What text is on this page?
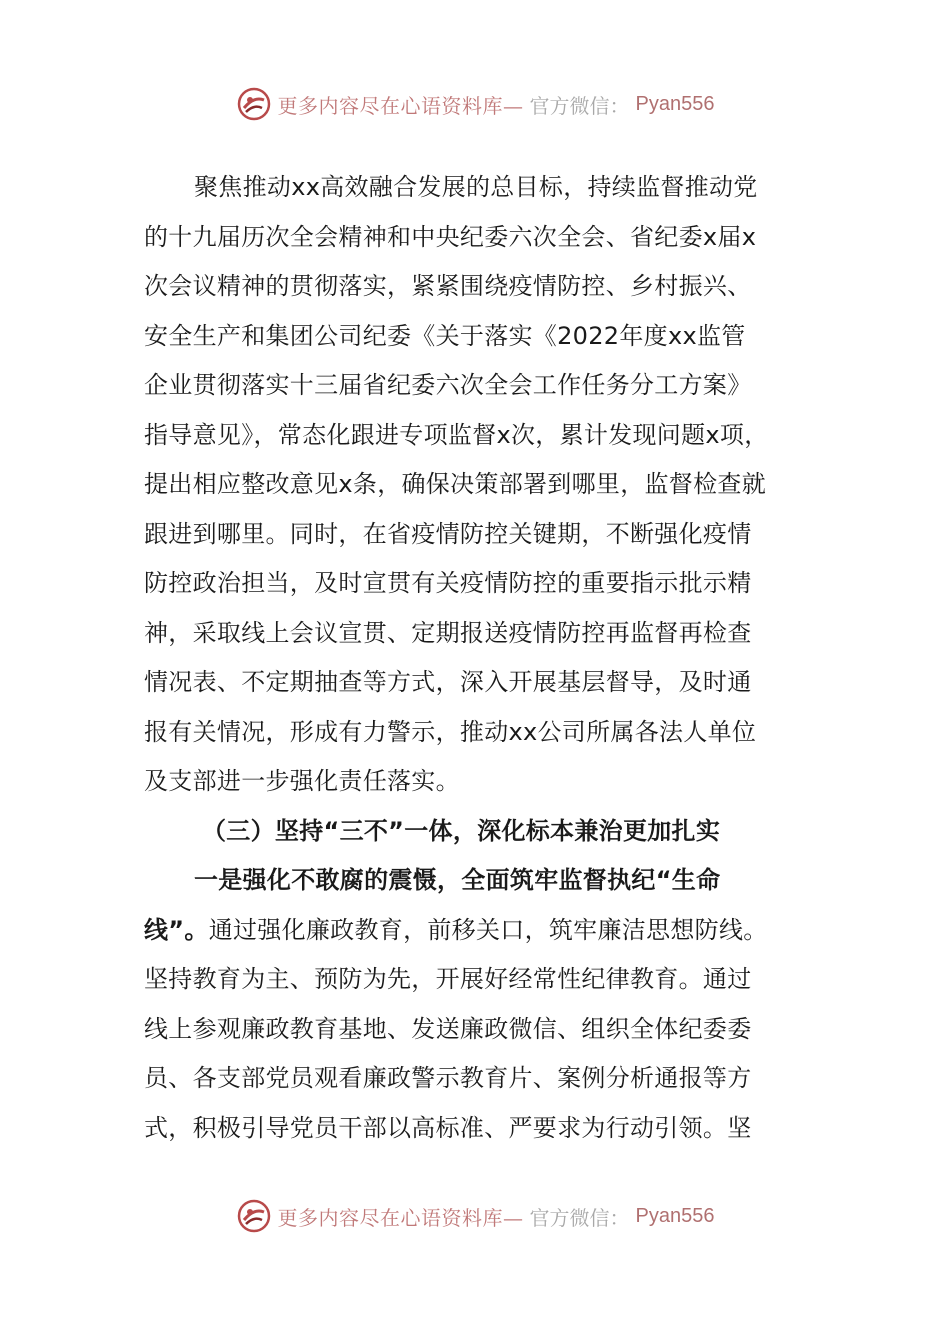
更多内容尽在心语资料库— 官方微信： Pyan556
聚焦推动xx高效融合发展的总目标，持续监督推动党
的十九届历次全会精神和中央纪委六次全会、省纪委x届x
次会议精神的贯彻落实，紧紧围绕疫情防控、乡村振兴、
安全生产和集团公司纪委《关于落实《2022年度xx监管
企业贯彻落实十三届省纪委六次全会工作任务分工方案》
指导意见》，常态化跟进专项监督x次，累计发现问题x项，
提出相应整改意见x条，确保决策部署到哪里，监督检查就
跟进到哪里。同时，在省疫情防控关键期，不断强化疫情
防控政治担当，及时宣贯有关疫情防控的重要指示批示精
神，采取线上会议宣贯、定期报送疫情防控再监督再检查
情况表、不定期抽查等方式，深入开展基层督导，及时通
报有关情况，形成有力警示，推动xx公司所属各法人单位
及支部进一步强化责任落实。
（三）坚持“三不”一体，深化标本兼治更加扎实
一是强化不敢腐的震慑，全面筑牢监督执纪“生命
线”。通过强化廉政教育，前移关口，筑牢廉洁思想防线。
坚持教育为主、预防为先，开展好经常性纪律教育。通过
线上参观廉政教育基地、发送廉政微信、组织全体纪委委
员、各支部党员观看廉政警示教育片、案例分析通报等方
式，积极引导党员干部以高标准、严要求为行动引领。坚
更多内容尽在心语资料库— 官方微信： Pyan556
